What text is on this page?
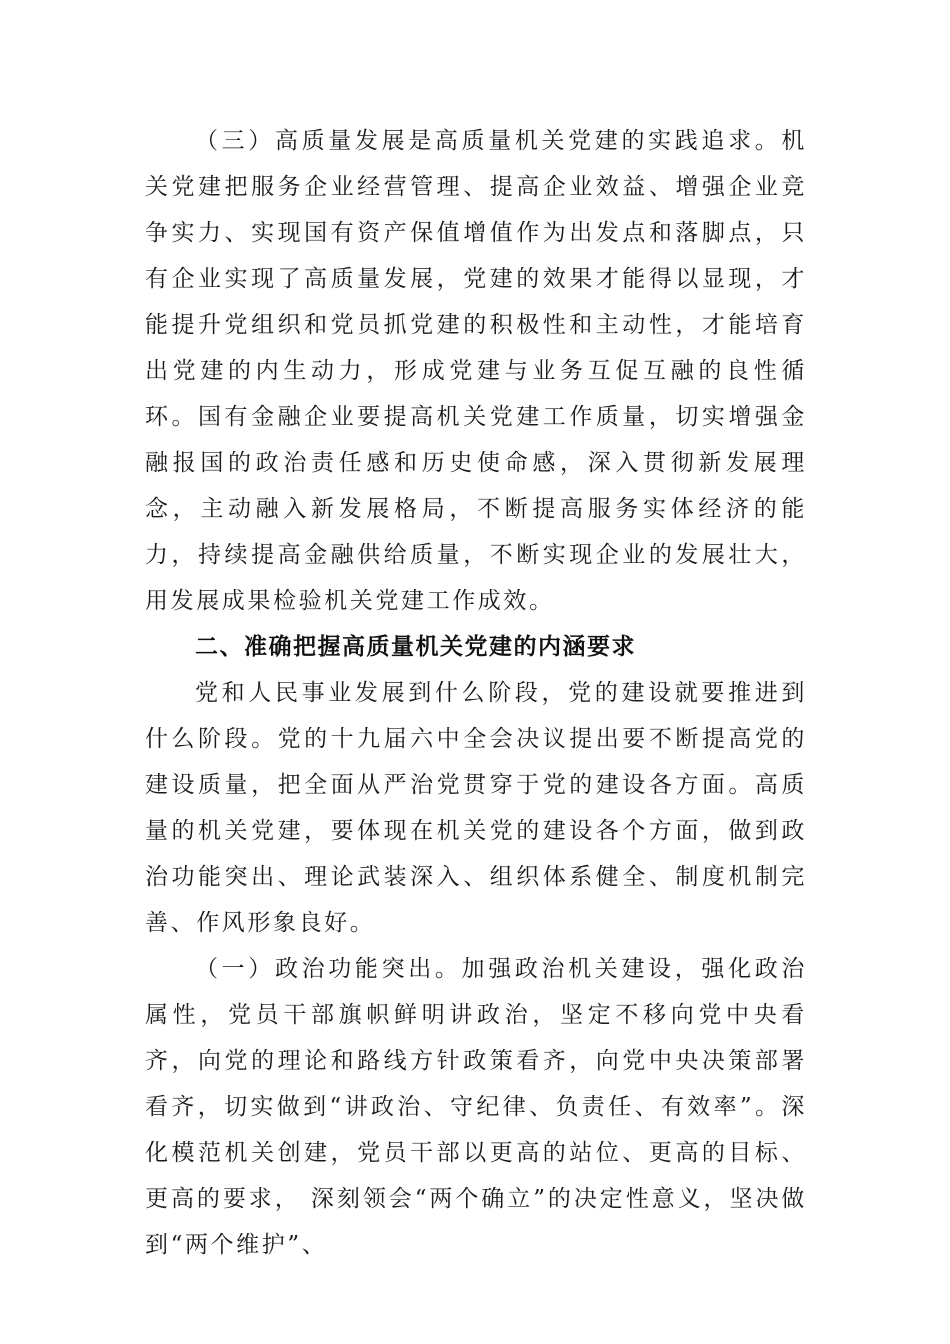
（三）高质量发展是高质量机关党建的实践追求。机关党建把服务企业经营管理、提高企业效益、增强企业竞争实力、实现国有资产保值增值作为出发点和落脚点，只有企业实现了高质量发展，党建的效果才能得以显现，才能提升党组织和党员抓党建的积极性和主动性，才能培育出党建的内生动力，形成党建与业务互促互融的良性循环。国有金融企业要提高机关党建工作质量，切实增强金融报国的政治责任感和历史使命感，深入贯彻新发展理念，主动融入新发展格局，不断提高服务实体经济的能力，持续提高金融供给质量，不断实现企业的发展壮大，用发展成果检验机关党建工作成效。

二、准确把握高质量机关党建的内涵要求

党和人民事业发展到什么阶段，党的建设就要推进到什么阶段。党的十九届六中全会决议提出要不断提高党的建设质量，把全面从严治党贯穿于党的建设各方面。高质量的机关党建，要体现在机关党的建设各个方面，做到政治功能突出、理论武装深入、组织体系健全、制度机制完善、作风形象良好。

（一）政治功能突出。加强政治机关建设，强化政治属性，党员干部旗帜鲜明讲政治，坚定不移向党中央看齐，向党的理论和路线方针政策看齐，向党中央决策部署看齐，切实做到“讲政治、守纪律、负责任、有效率”。深化模范机关创建，党员干部以更高的站位、更高的目标、更高的要求， 深刻领会“两个确立”的决定性意义，坚决做到“两个维护”、
